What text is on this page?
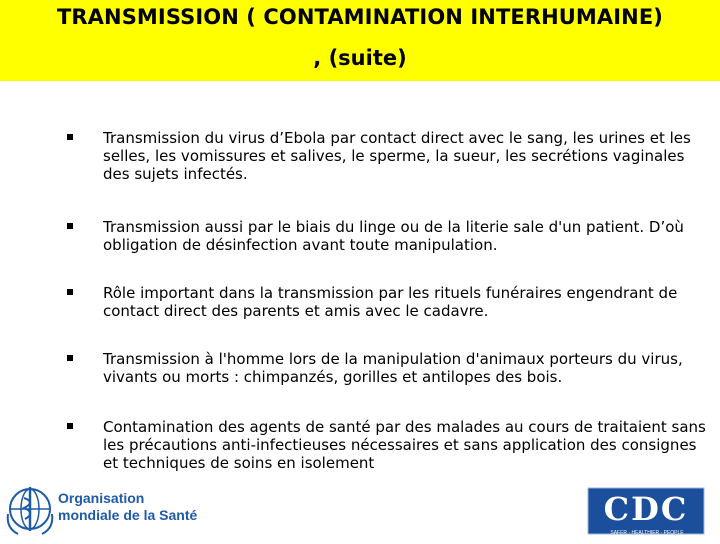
TRANSMISSION ( CONTAMINATION INTERHUMAINE)
, (suite)
Transmission du virus d’Ebola par contact direct avec le sang, les urines et les selles, les vomissures et salives, le sperme, la sueur, les secrétions vaginales des sujets infectés.
Transmission aussi par le biais du linge ou de la literie sale d'un patient. D’où obligation de désinfection avant toute manipulation.
Rôle important dans la transmission par les rituels funéraires engendrant de contact direct des parents et amis avec le cadavre.
Transmission à l'homme lors de la manipulation d'animaux porteurs du virus, vivants ou morts : chimpanzés, gorilles et antilopes des bois.
Contamination des agents de santé par des malades au cours de traitaient sans les précautions anti-infectieuses nécessaires et sans application des consignes et techniques de soins en isolement
Organisation
mondiale de la Santé	CDC
SAFER · HEALTHIER · PEOPLE
